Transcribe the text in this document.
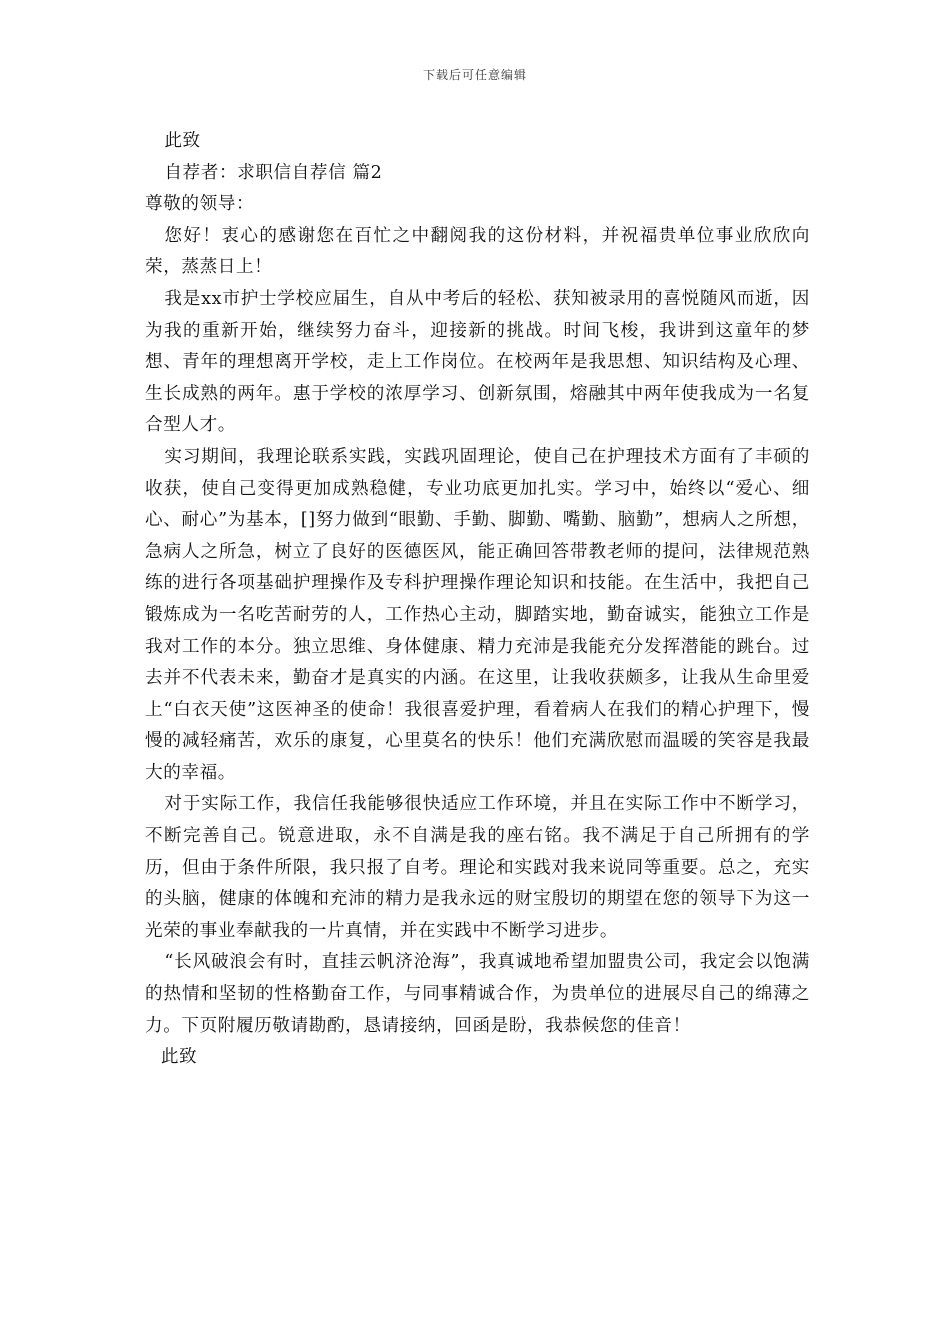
下载后可任意编辑

此致

自荐者：求职信自荐信 篇2

尊敬的领导：

您好！衷心的感谢您在百忙之中翻阅我的这份材料，并祝福贵单位事业欣欣向荣，蒸蒸日上！

我是xx市护士学校应届生，自从中考后的轻松、获知被录用的喜悦随风而逝，因为我的重新开始，继续努力奋斗，迎接新的挑战。时间飞梭，我讲到这童年的梦想、青年的理想离开学校，走上工作岗位。在校两年是我思想、知识结构及心理、生长成熟的两年。惠于学校的浓厚学习、创新氛围，熔融其中两年使我成为一名复合型人才。

实习期间，我理论联系实践，实践巩固理论，使自己在护理技术方面有了丰硕的收获，使自己变得更加成熟稳健，专业功底更加扎实。学习中，始终以“爱心、细心、耐心”为基本，[]努力做到“眼勤、手勤、脚勤、嘴勤、脑勤”，想病人之所想，急病人之所急，树立了良好的医德医风，能正确回答带教老师的提问，法律规范熟练的进行各项基础护理操作及专科护理操作理论知识和技能。在生活中，我把自己锻炼成为一名吃苦耐劳的人，工作热心主动，脚踏实地，勤奋诚实，能独立工作是我对工作的本分。独立思维、身体健康、精力充沛是我能充分发挥潜能的跳台。过去并不代表未来，勤奋才是真实的内涵。在这里，让我收获颇多，让我从生命里爱上“白衣天使”这医神圣的使命！我很喜爱护理，看着病人在我们的精心护理下，慢慢的减轻痛苦，欢乐的康复，心里莫名的快乐！他们充满欣慰而温暖的笑容是我最大的幸福。

对于实际工作，我信任我能够很快适应工作环境，并且在实际工作中不断学习，不断完善自己。锐意进取，永不自满是我的座右铭。我不满足于自己所拥有的学历，但由于条件所限，我只报了自考。理论和实践对我来说同等重要。总之，充实的头脑，健康的体魄和充沛的精力是我永远的财宝殷切的期望在您的领导下为这一光荣的事业奉献我的一片真情，并在实践中不断学习进步。

“长风破浪会有时，直挂云帆济沧海”，我真诚地希望加盟贵公司，我定会以饱满的热情和坚韧的性格勤奋工作，与同事精诚合作，为贵单位的进展尽自己的绵薄之力。下页附履历敬请勘酌，恳请接纳，回函是盼，我恭候您的佳音！

此致
